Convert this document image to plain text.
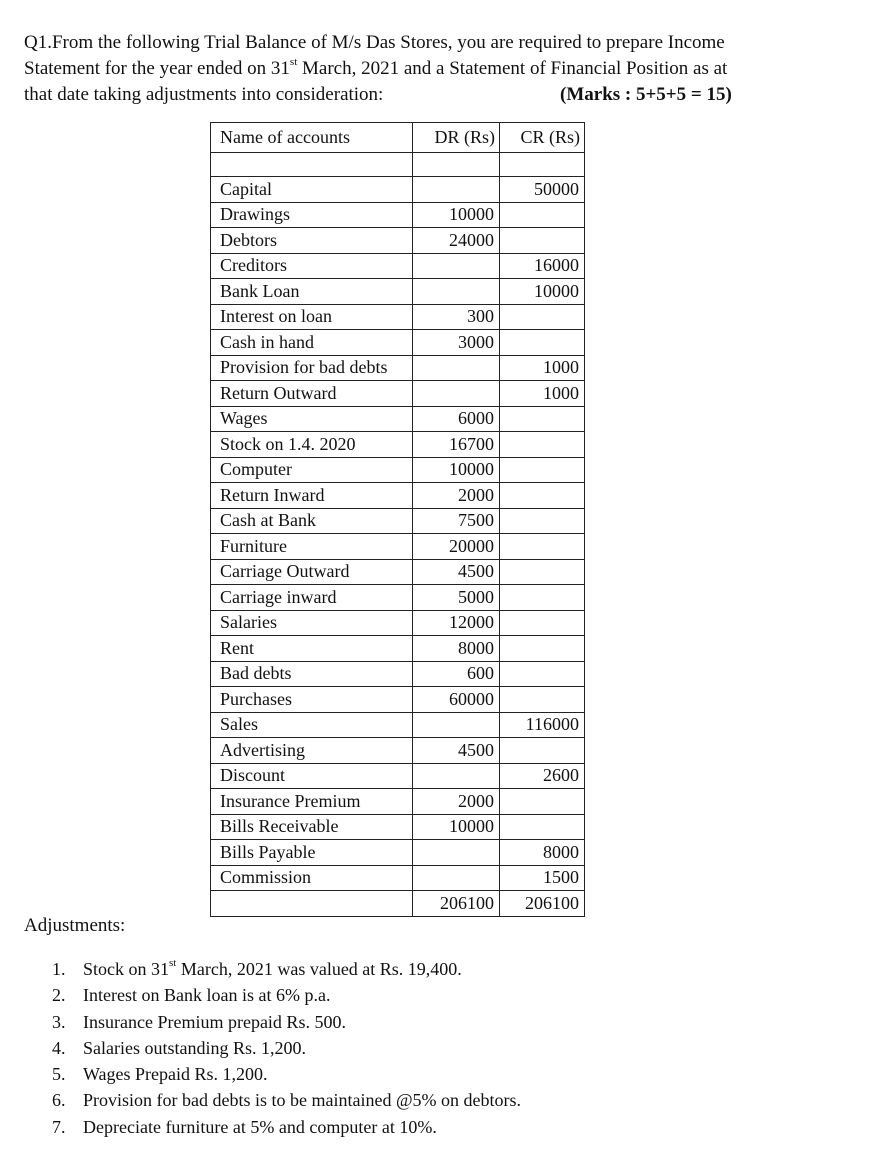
Q1.From the following Trial Balance of M/s Das Stores, you are required to prepare Income
Statement for the year ended on 31st March, 2021 and a Statement of Financial Position as at
that date taking adjustments into consideration:	(Marks : 5+5+5 = 15)
Name of accounts	DR (Rs)	CR (Rs)

Capital		50000
Drawings	10000	
Debtors	24000	
Creditors		16000
Bank Loan		10000
Interest on loan	300	
Cash in hand	3000	
Provision for bad debts		1000
Return Outward		1000
Wages	6000	
Stock on 1.4. 2020	16700	
Computer	10000	
Return Inward	2000	
Cash at Bank	7500	
Furniture	20000	
Carriage Outward	4500	
Carriage inward	5000	
Salaries	12000	
Rent	8000	
Bad debts	600	
Purchases	60000	
Sales		116000
Advertising	4500	
Discount		2600
Insurance Premium	2000	
Bills Receivable	10000	
Bills Payable		8000
Commission		1500
	206100	206100
Adjustments:
1. Stock on 31st March, 2021 was valued at Rs. 19,400.
2. Interest on Bank loan is at 6% p.a.
3. Insurance Premium prepaid Rs. 500.
4. Salaries outstanding Rs. 1,200.
5. Wages Prepaid Rs. 1,200.
6. Provision for bad debts is to be maintained @5% on debtors.
7. Depreciate furniture at 5% and computer at 10%.
